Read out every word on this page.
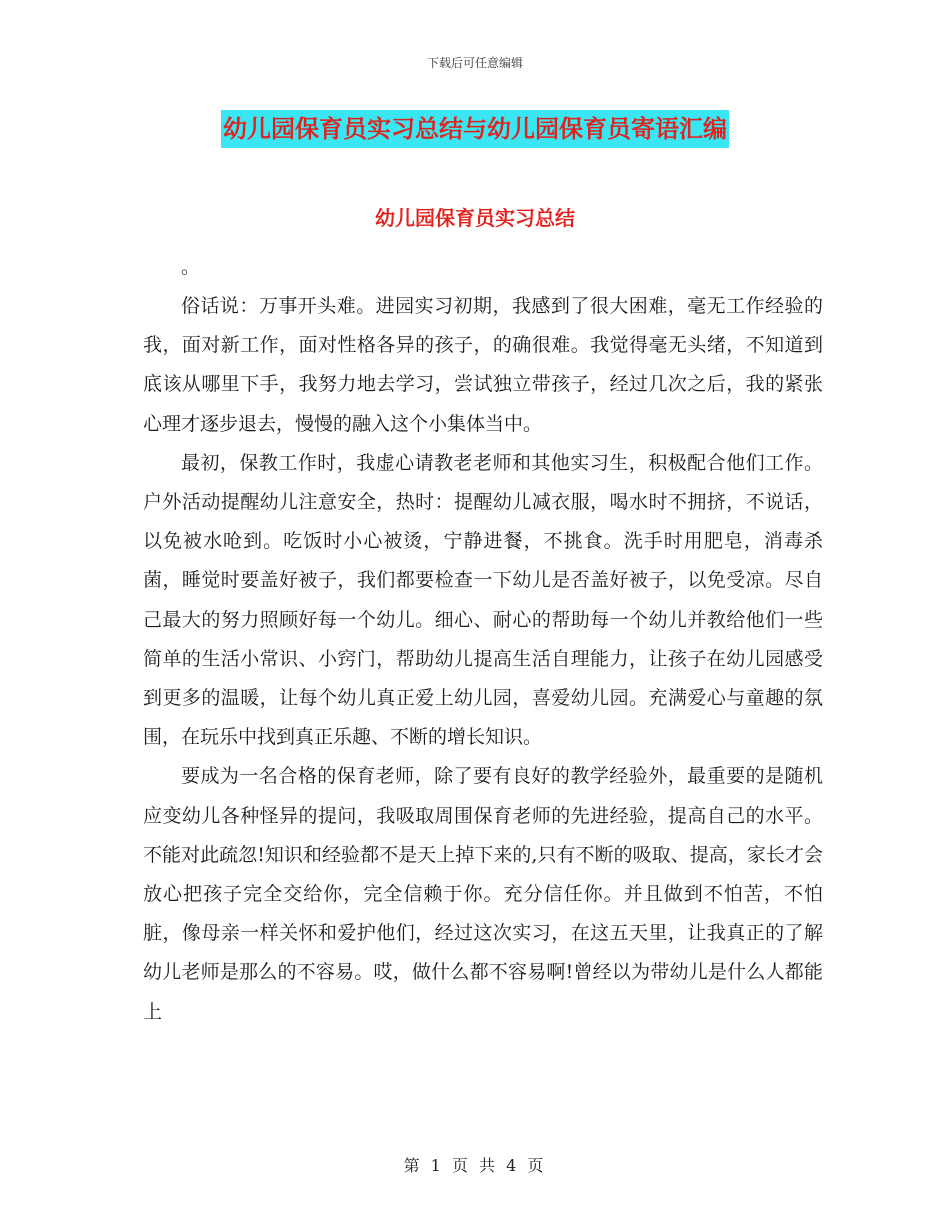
下载后可任意编辑
幼儿园保育员实习总结与幼儿园保育员寄语汇编
幼儿园保育员实习总结

。

俗话说：万事开头难。进园实习初期，我感到了很大困难，毫无工作经验的我，面对新工作，面对性格各异的孩子，的确很难。我觉得毫无头绪，不知道到底该从哪里下手，我努力地去学习，尝试独立带孩子，经过几次之后，我的紧张心理才逐步退去，慢慢的融入这个小集体当中。

最初，保教工作时，我虚心请教老老师和其他实习生，积极配合他们工作。户外活动提醒幼儿注意安全，热时：提醒幼儿减衣服，喝水时不拥挤，不说话，以免被水呛到。吃饭时小心被烫，宁静进餐，不挑食。洗手时用肥皂，消毒杀菌，睡觉时要盖好被子，我们都要检查一下幼儿是否盖好被子，以免受凉。尽自己最大的努力照顾好每一个幼儿。细心、耐心的帮助每一个幼儿并教给他们一些简单的生活小常识、小窍门，帮助幼儿提高生活自理能力，让孩子在幼儿园感受到更多的温暖，让每个幼儿真正爱上幼儿园，喜爱幼儿园。充满爱心与童趣的氛围，在玩乐中找到真正乐趣、不断的增长知识。

要成为一名合格的保育老师，除了要有良好的教学经验外，最重要的是随机应变幼儿各种怪异的提问，我吸取周围保育老师的先进经验，提高自己的水平。不能对此疏忽!知识和经验都不是天上掉下来的,只有不断的吸取、提高，家长才会放心把孩子完全交给你，完全信赖于你。充分信任你。并且做到不怕苦，不怕脏，像母亲一样关怀和爱护他们，经过这次实习，在这五天里，让我真正的了解幼儿老师是那么的不容易。哎，做什么都不容易啊!曾经以为带幼儿是什么人都能上

第 1 页 共 4 页
